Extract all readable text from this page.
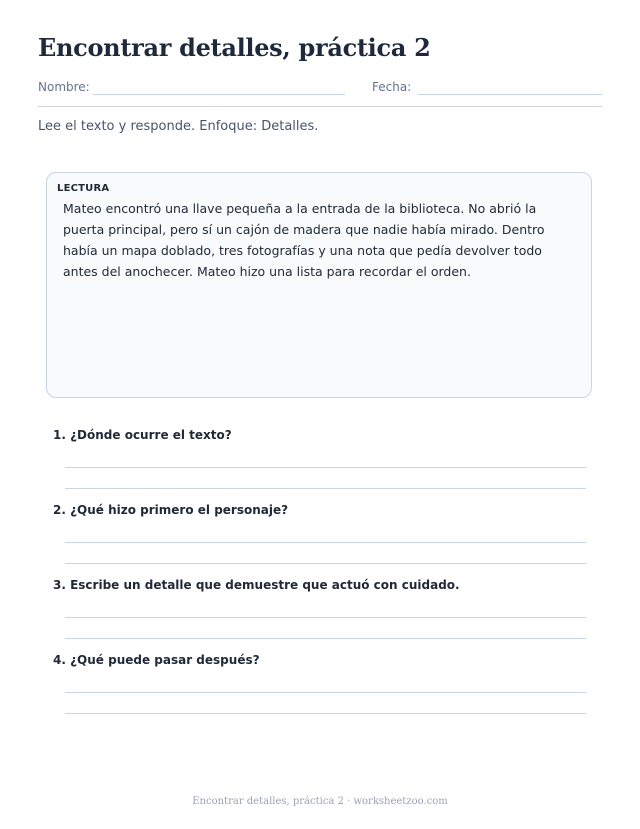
Encontrar detalles, práctica 2
Nombre:	Fecha:

Lee el texto y responde. Enfoque: Detalles.

LECTURA

Mateo encontró una llave pequeña a la entrada de la biblioteca. No abrió la puerta principal, pero sí un cajón de madera que nadie había mirado. Dentro había un mapa doblado, tres fotografías y una nota que pedía devolver todo antes del anochecer. Mateo hizo una lista para recordar el orden.

1. ¿Dónde ocurre el texto?

2. ¿Qué hizo primero el personaje?

3. Escribe un detalle que demuestre que actuó con cuidado.

4. ¿Qué puede pasar después?

Encontrar detalles, práctica 2 · worksheetzoo.com
